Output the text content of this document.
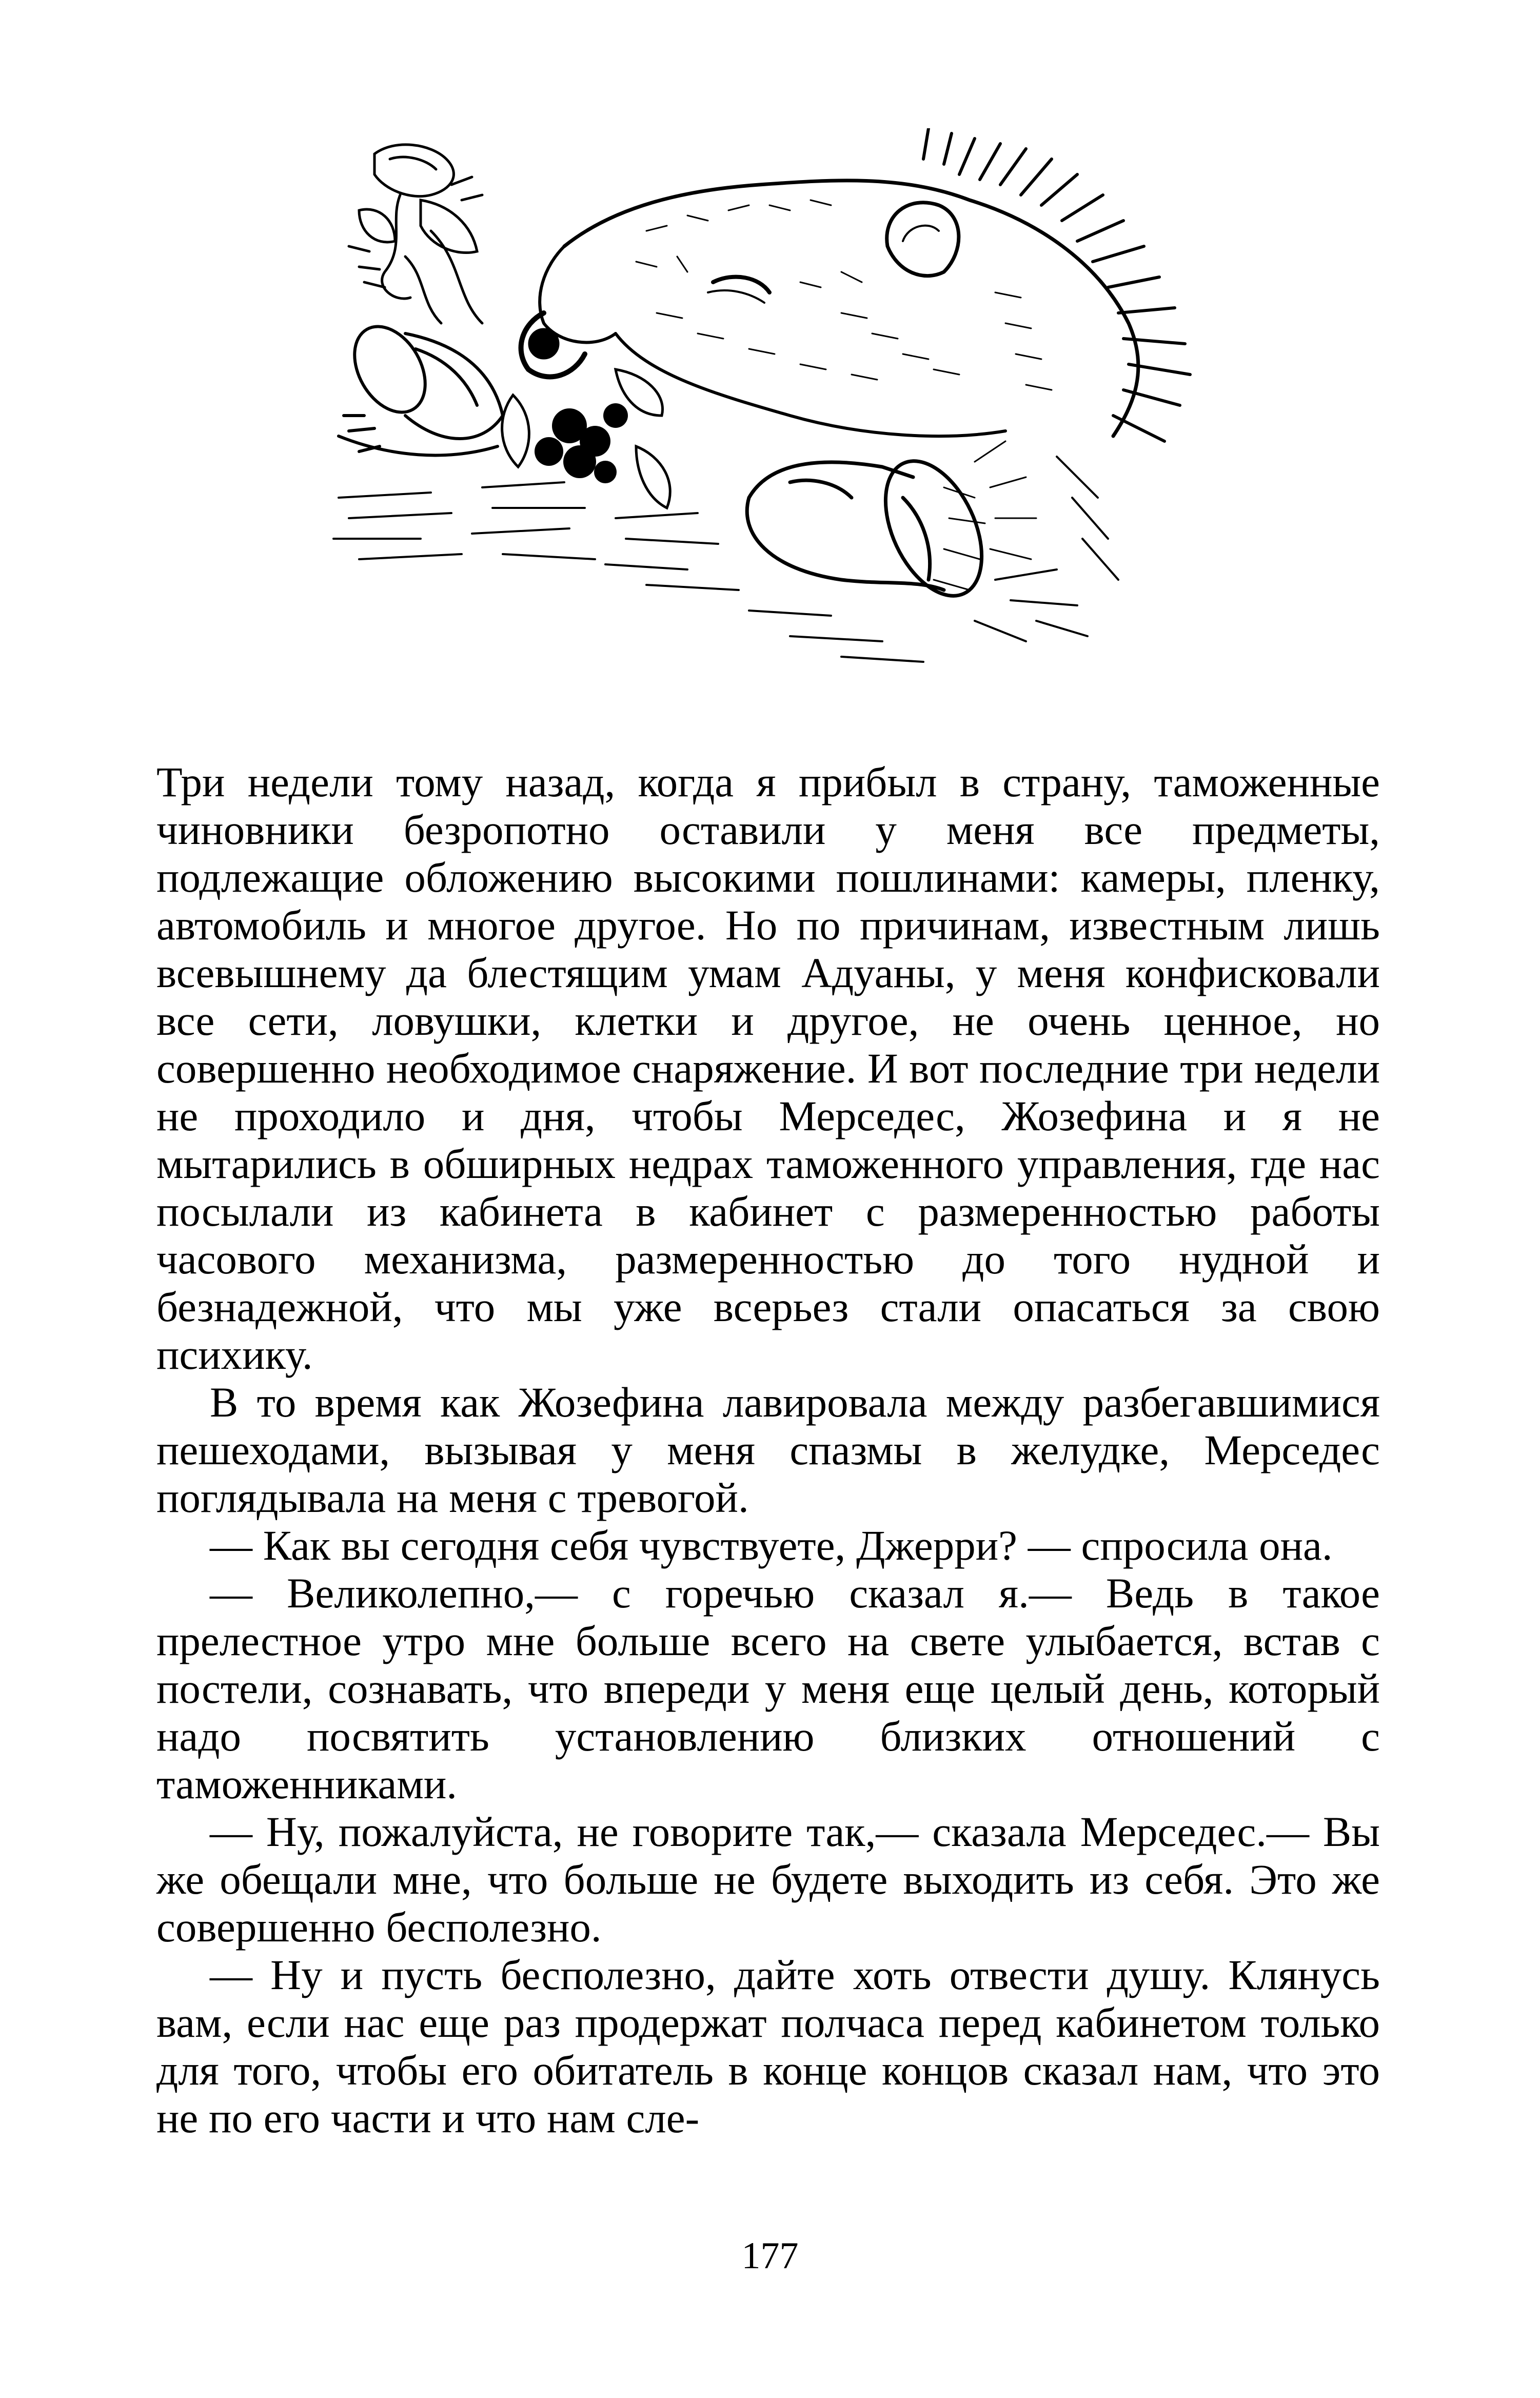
Три недели тому назад, когда я прибыл в страну, таможенные чиновники безропотно оставили у меня все предметы, подлежащие обложению высокими пошлинами: камеры, пленку, автомобиль и многое другое. Но по причинам, известным лишь всевышнему да блестящим умам Адуаны, у меня конфисковали все сети, ловушки, клетки и другое, не очень ценное, но совершенно необходимое снаряжение. И вот последние три недели не проходило и дня, чтобы Мерседес, Жозефина и я не мытарились в обширных недрах таможенного управления, где нас посылали из кабинета в кабинет с размеренностью работы часового механизма, размеренностью до того нудной и безнадежной, что мы уже всерьез стали опасаться за свою психику.

В то время как Жозефина лавировала между разбегавшимися пешеходами, вызывая у меня спазмы в желудке, Мерседес поглядывала на меня с тревогой.

— Как вы сегодня себя чувствуете, Джерри? — спросила она.

— Великолепно,— с горечью сказал я.— Ведь в такое прелестное утро мне больше всего на свете улыбается, встав с постели, сознавать, что впереди у меня еще целый день, который надо посвятить установлению близких отношений с таможенниками.

— Ну, пожалуйста, не говорите так,— сказала Мерседес.— Вы же обещали мне, что больше не будете выходить из себя. Это же совершенно бесполезно.

— Ну и пусть бесполезно, дайте хоть отвести душу. Клянусь вам, если нас еще раз продержат полчаса перед кабинетом только для того, чтобы его обитатель в конце концов сказал нам, что это не по его части и что нам сле-

177
